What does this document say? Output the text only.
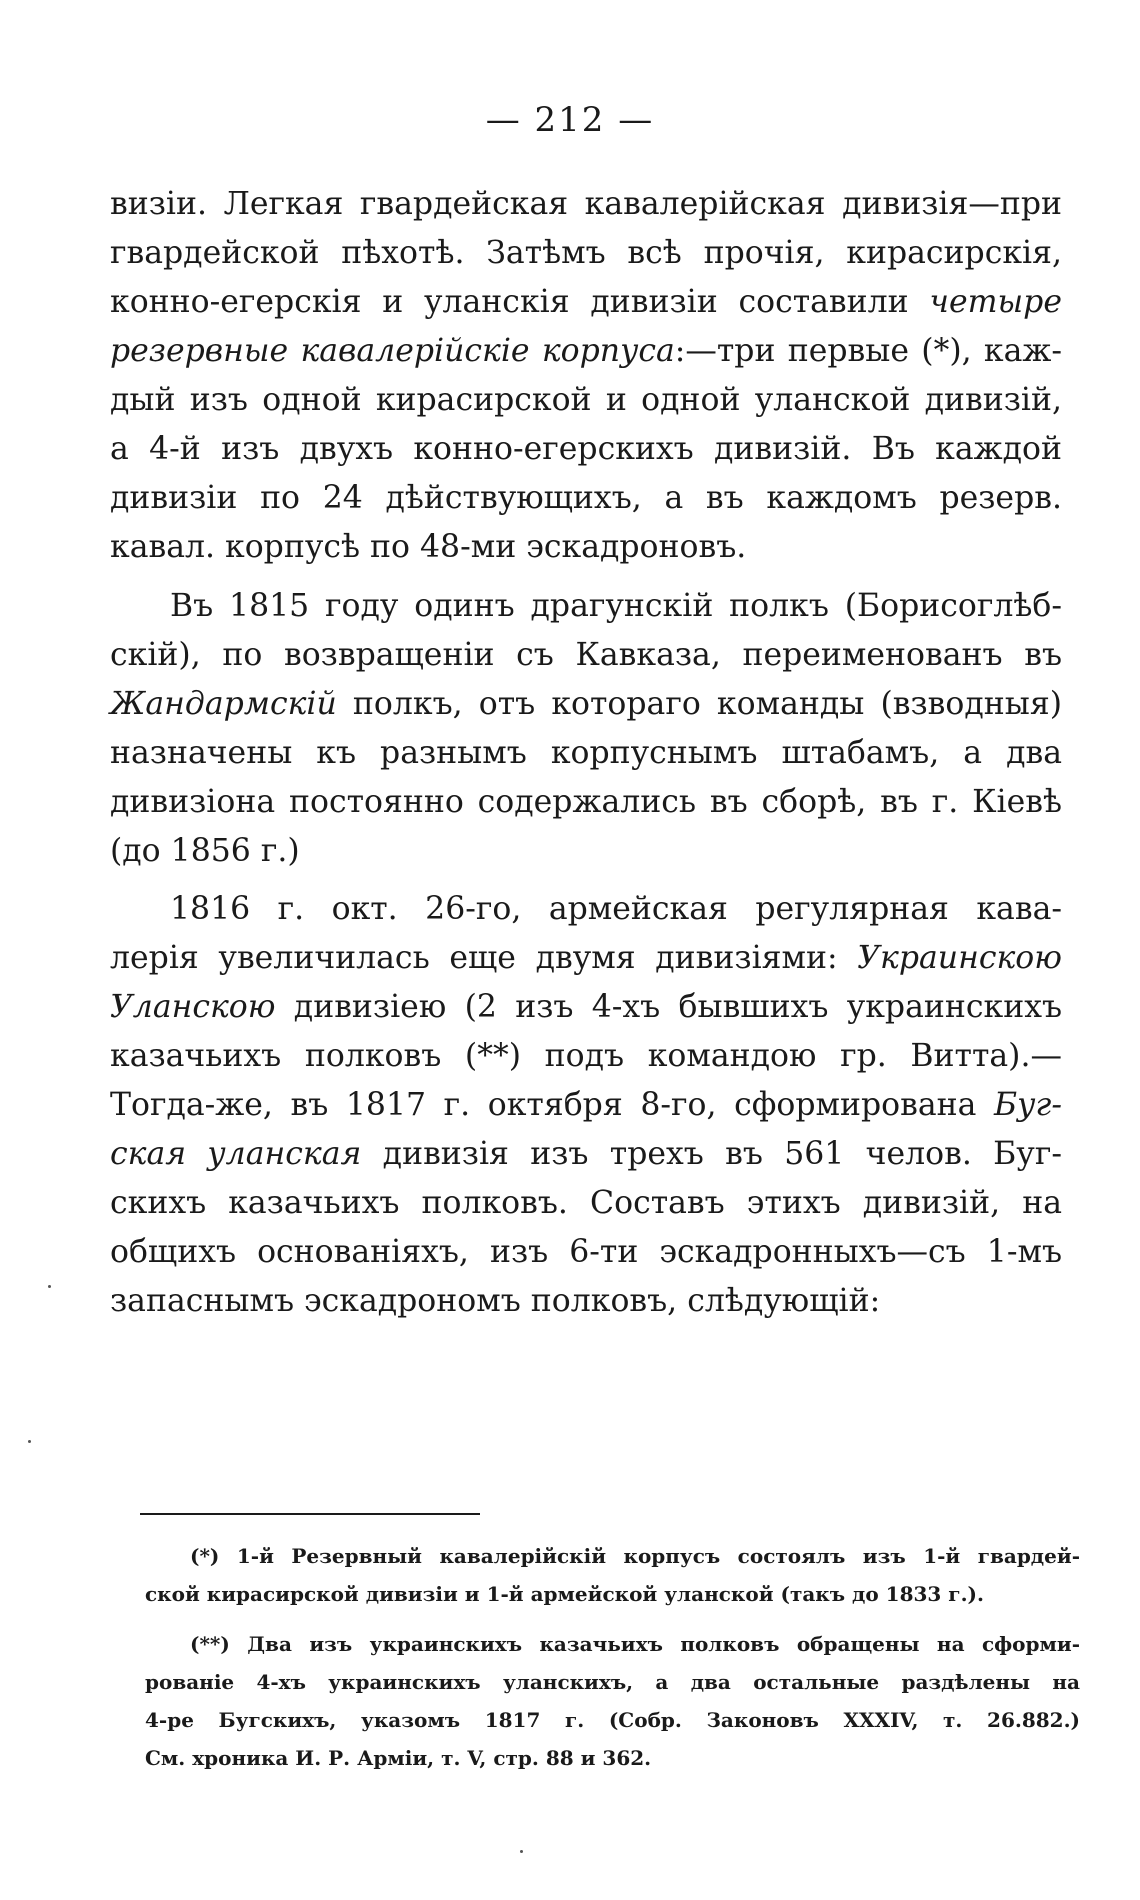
— 212 —
визіи. Легкая гвардейская кавалерійская дивизія—при
гвардейской пѣхотѣ. Затѣмъ всѣ прочія, кирасирскія,
конно-егерскія и уланскія дивизіи составили четыре
резервные кавалерійскіе корпуса:—три первые (*), каж-
дый изъ одной кирасирской и одной уланской дивизій,
а 4-й изъ двухъ конно-егерскихъ дивизій. Въ каждой
дивизіи по 24 дѣйствующихъ, а въ каждомъ резерв.
кавал. корпусѣ по 48-ми эскадроновъ.
Въ 1815 году одинъ драгунскій полкъ (Борисоглѣб-
скій), по возвращеніи съ Кавказа, переименованъ въ
Жандармскій полкъ, отъ котораго команды (взводныя)
назначены къ разнымъ корпуснымъ штабамъ, а два
дивизіона постоянно содержались въ сборѣ, въ г. Кіевѣ
(до 1856 г.)
1816 г. окт. 26-го, армейская регулярная кава-
лерія увеличилась еще двумя дивизіями: Украинскою
Уланскою дивизіею (2 изъ 4-хъ бывшихъ украинскихъ
казачьихъ полковъ (**) подъ командою гр. Витта).—
Тогда-же, въ 1817 г. октября 8-го, сформирована Буг-
ская уланская дивизія изъ трехъ въ 561 челов. Буг-
скихъ казачьихъ полковъ. Составъ этихъ дивизій, на
общихъ основаніяхъ, изъ 6-ти эскадронныхъ—съ 1-мъ
запаснымъ эскадрономъ полковъ, слѣдующій:
(*) 1-й Резервный кавалерійскій корпусъ состоялъ изъ 1-й гвардей-
ской кирасирской дивизіи и 1-й армейской уланской (такъ до 1833 г.).
(**) Два изъ украинскихъ казачьихъ полковъ обращены на сформи-
рованіе 4-хъ украинскихъ уланскихъ, а два остальные раздѣлены на
4-ре Бугскихъ, указомъ 1817 г. (Собр. Законовъ XXXIV, т. 26.882.)
См. хроника И. Р. Арміи, т. V, стр. 88 и 362.
